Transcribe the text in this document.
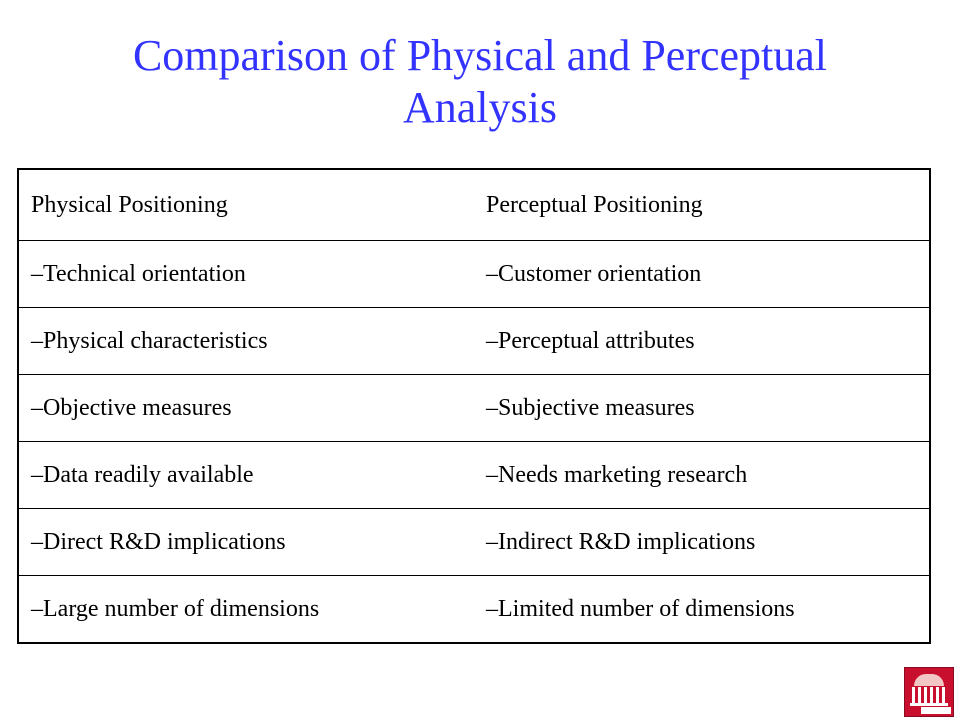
Comparison of Physical and Perceptual
Analysis
Physical Positioning	Perceptual Positioning
–Technical orientation	–Customer orientation
–Physical characteristics	–Perceptual attributes
–Objective measures	–Subjective measures
–Data readily available	–Needs marketing research
–Direct R&D implications	–Indirect R&D implications
–Large number of dimensions	–Limited number of dimensions
